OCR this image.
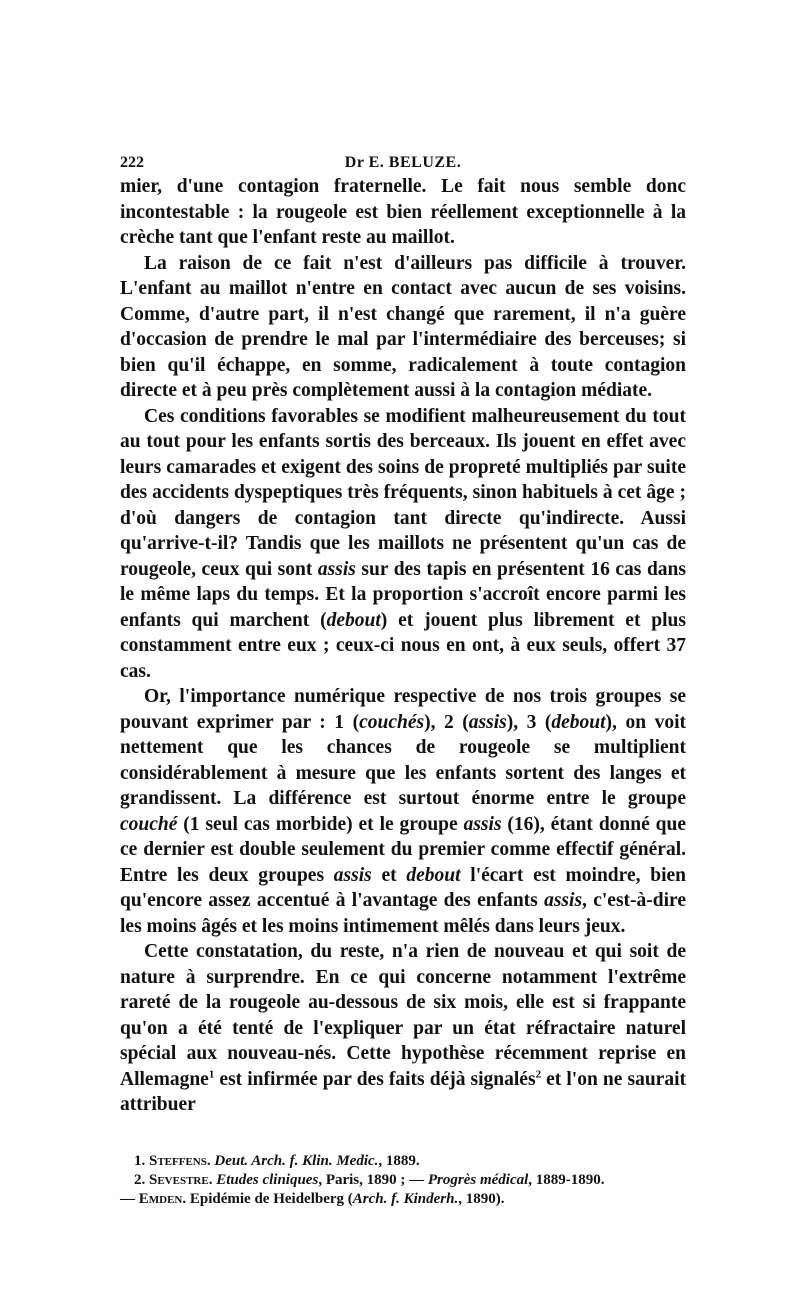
222	Dr E. BELUZE.

mier, d'une contagion fraternelle. Le fait nous semble donc incontestable : la rougeole est bien réellement exceptionnelle à la crèche tant que l'enfant reste au maillot.

La raison de ce fait n'est d'ailleurs pas difficile à trouver. L'enfant au maillot n'entre en contact avec aucun de ses voisins. Comme, d'autre part, il n'est changé que rarement, il n'a guère d'occasion de prendre le mal par l'intermédiaire des berceuses; si bien qu'il échappe, en somme, radicalement à toute contagion directe et à peu près complètement aussi à la contagion médiate.

Ces conditions favorables se modifient malheureusement du tout au tout pour les enfants sortis des berceaux. Ils jouent en effet avec leurs camarades et exigent des soins de propreté multipliés par suite des accidents dyspeptiques très fréquents, sinon habituels à cet âge ; d'où dangers de contagion tant directe qu'indirecte. Aussi qu'arrive-t-il? Tandis que les maillots ne présentent qu'un cas de rougeole, ceux qui sont assis sur des tapis en présentent 16 cas dans le même laps du temps. Et la proportion s'accroît encore parmi les enfants qui marchent (debout) et jouent plus librement et plus constamment entre eux ; ceux-ci nous en ont, à eux seuls, offert 37 cas.

Or, l'importance numérique respective de nos trois groupes se pouvant exprimer par : 1 (couchés), 2 (assis), 3 (debout), on voit nettement que les chances de rougeole se multiplient considérablement à mesure que les enfants sortent des langes et grandissent. La différence est surtout énorme entre le groupe couché (1 seul cas morbide) et le groupe assis (16), étant donné que ce dernier est double seulement du premier comme effectif général. Entre les deux groupes assis et debout l'écart est moindre, bien qu'encore assez accentué à l'avantage des enfants assis, c'est-à-dire les moins âgés et les moins intimement mêlés dans leurs jeux.

Cette constatation, du reste, n'a rien de nouveau et qui soit de nature à surprendre. En ce qui concerne notamment l'extrême rareté de la rougeole au-dessous de six mois, elle est si frappante qu'on a été tenté de l'expliquer par un état réfractaire naturel spécial aux nouveau-nés. Cette hypothèse récemment reprise en Allemagne$^1$ est infirmée par des faits déjà signalés$^2$ et l'on ne saurait attribuer

1. Steffens. Deut. Arch. f. Klin. Medic., 1889.

2. Sevestre. Etudes cliniques, Paris, 1890 ; — Progrès médical, 1889-1890.

— Emden. Epidémie de Heidelberg (Arch. f. Kinderh., 1890).
